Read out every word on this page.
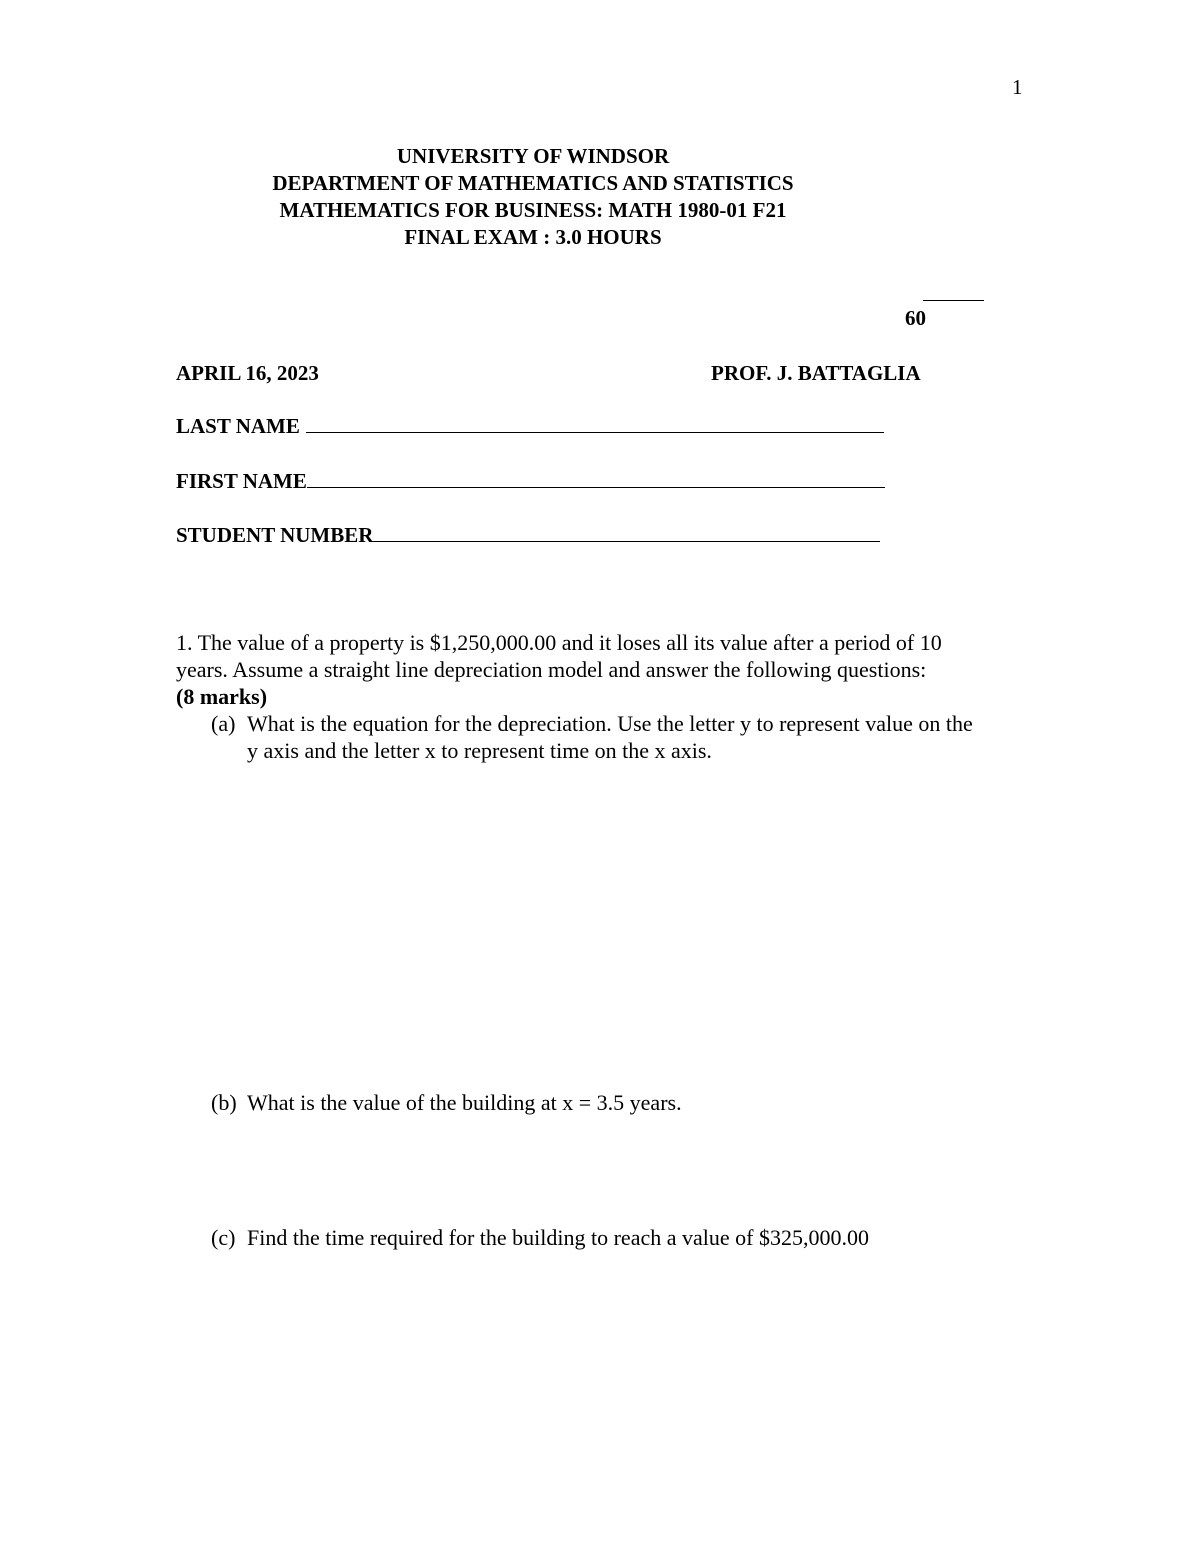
1
UNIVERSITY OF WINDSOR
DEPARTMENT OF MATHEMATICS AND STATISTICS
MATHEMATICS FOR BUSINESS: MATH 1980-01 F21
FINAL EXAM : 3.0 HOURS
60
APRIL 16, 2023	PROF. J. BATTAGLIA
LAST NAME
FIRST NAME
STUDENT NUMBER

1. The value of a property is $1,250,000.00 and it loses all its value after a period of 10

years. Assume a straight line depreciation model and answer the following questions:

(8 marks)

(a) What is the equation for the depreciation. Use the letter y to represent value on the
y axis and the letter x to represent time on the x axis.
(b) What is the value of the building at x = 3.5 years.
(c) Find the time required for the building to reach a value of $325,000.00
